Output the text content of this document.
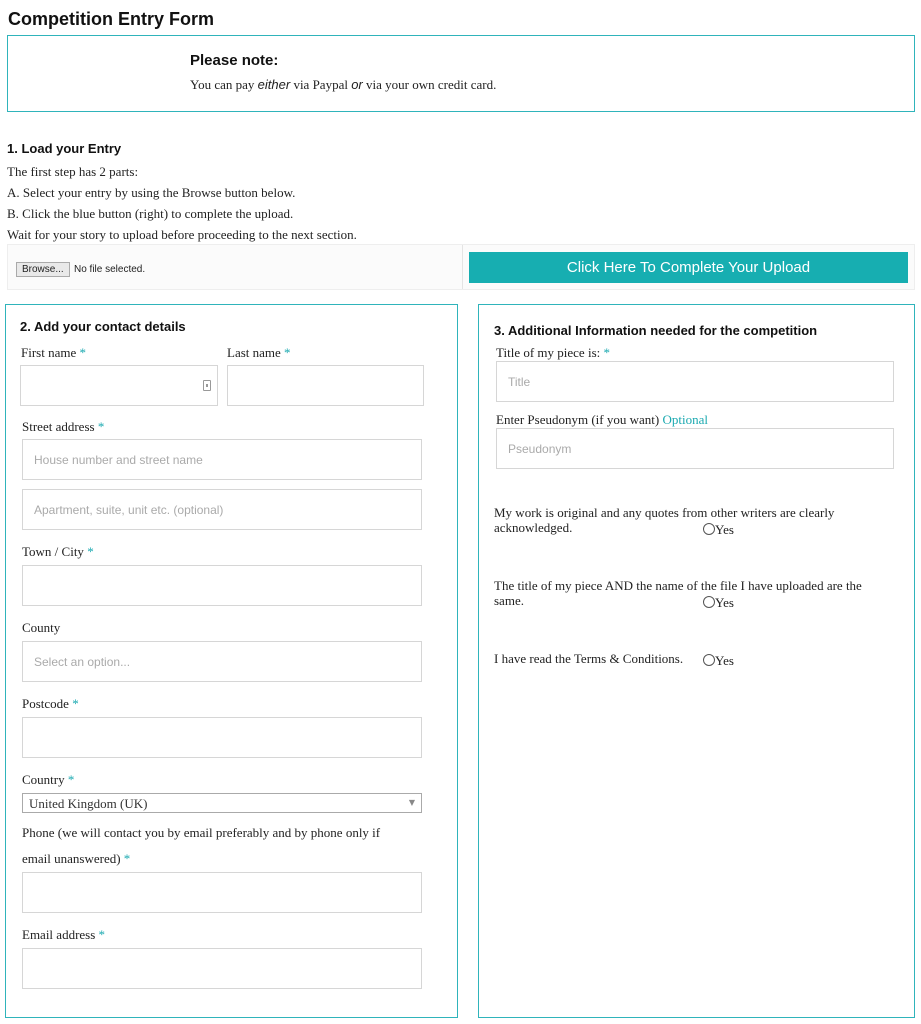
Competition Entry Form
Please note:
You can pay either via Paypal or via your own credit card.
1. Load your Entry
The first step has 2 parts:
A. Select your entry by using the Browse button below.
B. Click the blue button (right) to complete the upload.
Wait for your story to upload before proceeding to the next section.
Browse...	No file selected.	Click Here To Complete Your Upload
2. Add your contact details
First name *	Last name *
Street address *
House number and street name
Apartment, suite, unit etc. (optional)
Town / City *
County
Select an option...
Postcode *
Country *
United Kingdom (UK)	▼
Phone (we will contact you by email preferably and by phone only if
email unanswered) *
Email address *
3. Additional Information needed for the competition
Title of my piece is: *
Title
Enter Pseudonym (if you want) Optional
Pseudonym
My work is original and any quotes from other writers are clearly acknowledged.	Yes
The title of my piece AND the name of the file I have uploaded are the same.	Yes
I have read the Terms & Conditions.	Yes
